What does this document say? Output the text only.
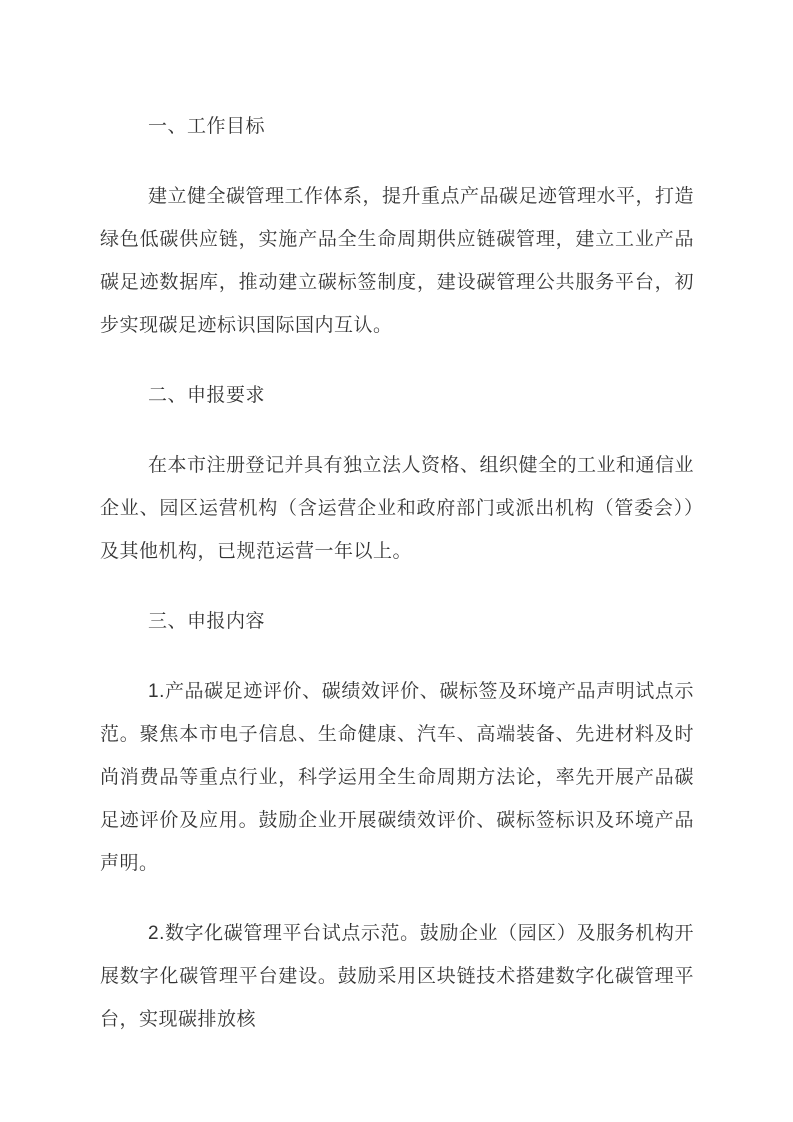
一、工作目标
建立健全碳管理工作体系，提升重点产品碳足迹管理水平，打造绿色低碳供应链，实施产品全生命周期供应链碳管理，建立工业产品碳足迹数据库，推动建立碳标签制度，建设碳管理公共服务平台，初步实现碳足迹标识国际国内互认。
二、申报要求
在本市注册登记并具有独立法人资格、组织健全的工业和通信业企业、园区运营机构（含运营企业和政府部门或派出机构（管委会））及其他机构，已规范运营一年以上。
三、申报内容
1.产品碳足迹评价、碳绩效评价、碳标签及环境产品声明试点示范。聚焦本市电子信息、生命健康、汽车、高端装备、先进材料及时尚消费品等重点行业，科学运用全生命周期方法论，率先开展产品碳足迹评价及应用。鼓励企业开展碳绩效评价、碳标签标识及环境产品声明。
2.数字化碳管理平台试点示范。鼓励企业（园区）及服务机构开展数字化碳管理平台建设。鼓励采用区块链技术搭建数字化碳管理平台，实现碳排放核
